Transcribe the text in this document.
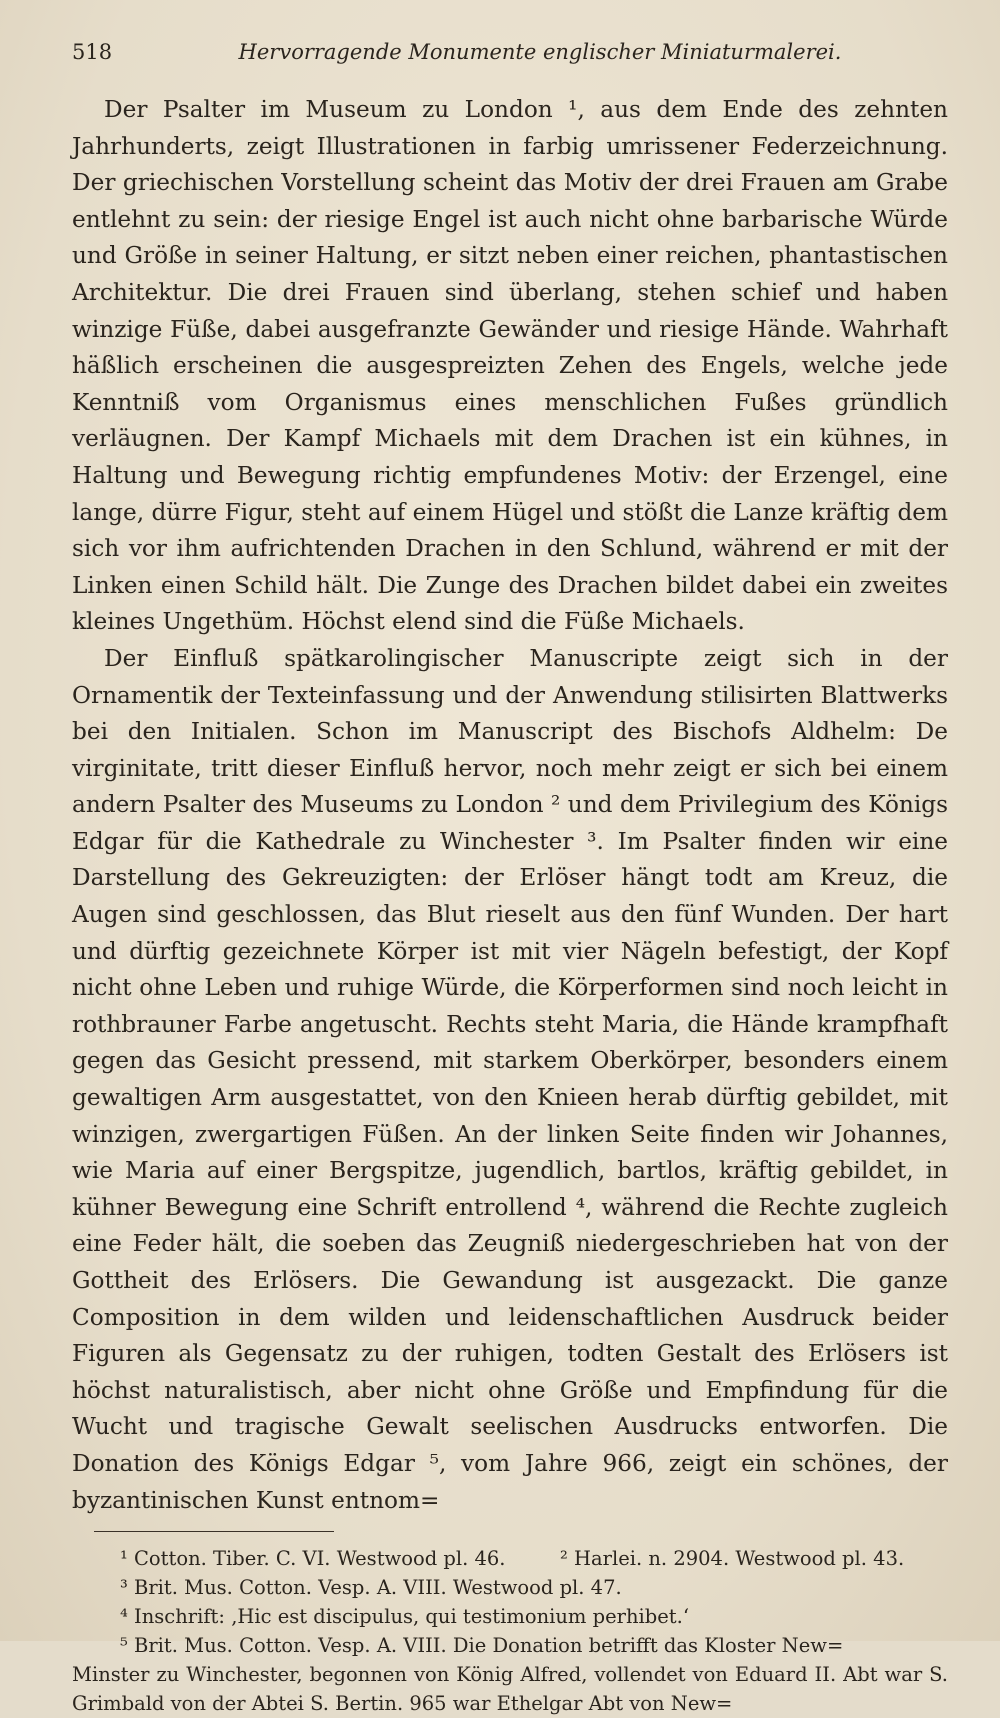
518	Hervorragende Monumente englischer Miniaturmalerei.

Der Psalter im Museum zu London ¹, aus dem Ende des zehnten Jahrhunderts, zeigt Illustrationen in farbig umrissener Federzeichnung. Der griechischen Vorstellung scheint das Motiv der drei Frauen am Grabe entlehnt zu sein: der riesige Engel ist auch nicht ohne barbarische Würde und Größe in seiner Haltung, er sitzt neben einer reichen, phantastischen Architektur. Die drei Frauen sind überlang, stehen schief und haben winzige Füße, dabei ausgefranzte Gewänder und riesige Hände. Wahrhaft häßlich erscheinen die ausgespreizten Zehen des Engels, welche jede Kenntniß vom Organismus eines menschlichen Fußes gründlich verläugnen. Der Kampf Michaels mit dem Drachen ist ein kühnes, in Haltung und Bewegung richtig empfundenes Motiv: der Erzengel, eine lange, dürre Figur, steht auf einem Hügel und stößt die Lanze kräftig dem sich vor ihm aufrichtenden Drachen in den Schlund, während er mit der Linken einen Schild hält. Die Zunge des Drachen bildet dabei ein zweites kleines Ungethüm. Höchst elend sind die Füße Michaels.

Der Einfluß spätkarolingischer Manuscripte zeigt sich in der Ornamentik der Texteinfassung und der Anwendung stilisirten Blattwerks bei den Initialen. Schon im Manuscript des Bischofs Aldhelm: De virginitate, tritt dieser Einfluß hervor, noch mehr zeigt er sich bei einem andern Psalter des Museums zu London ² und dem Privilegium des Königs Edgar für die Kathedrale zu Winchester ³. Im Psalter finden wir eine Darstellung des Gekreuzigten: der Erlöser hängt todt am Kreuz, die Augen sind geschlossen, das Blut rieselt aus den fünf Wunden. Der hart und dürftig gezeichnete Körper ist mit vier Nägeln befestigt, der Kopf nicht ohne Leben und ruhige Würde, die Körperformen sind noch leicht in rothbrauner Farbe angetuscht. Rechts steht Maria, die Hände krampfhaft gegen das Gesicht pressend, mit starkem Oberkörper, besonders einem gewaltigen Arm ausgestattet, von den Knieen herab dürftig gebildet, mit winzigen, zwergartigen Füßen. An der linken Seite finden wir Johannes, wie Maria auf einer Bergspitze, jugendlich, bartlos, kräftig gebildet, in kühner Bewegung eine Schrift entrollend ⁴, während die Rechte zugleich eine Feder hält, die soeben das Zeugniß niedergeschrieben hat von der Gottheit des Erlösers. Die Gewandung ist ausgezackt. Die ganze Composition in dem wilden und leidenschaftlichen Ausdruck beider Figuren als Gegensatz zu der ruhigen, todten Gestalt des Erlösers ist höchst naturalistisch, aber nicht ohne Größe und Empfindung für die Wucht und tragische Gewalt seelischen Ausdrucks entworfen. Die Donation des Königs Edgar ⁵, vom Jahre 966, zeigt ein schönes, der byzantinischen Kunst entnom=

¹ Cotton. Tiber. C. VI. Westwood pl. 46.	² Harlei. n. 2904. Westwood pl. 43.
³ Brit. Mus. Cotton. Vesp. A. VIII. Westwood pl. 47.
⁴ Inschrift: ‚Hic est discipulus, qui testimonium perhibet.‘
⁵ Brit. Mus. Cotton. Vesp. A. VIII. Die Donation betrifft das Kloster New=
Minster zu Winchester, begonnen von König Alfred, vollendet von Eduard II. Abt war S. Grimbald von der Abtei S. Bertin. 965 war Ethelgar Abt von New=
